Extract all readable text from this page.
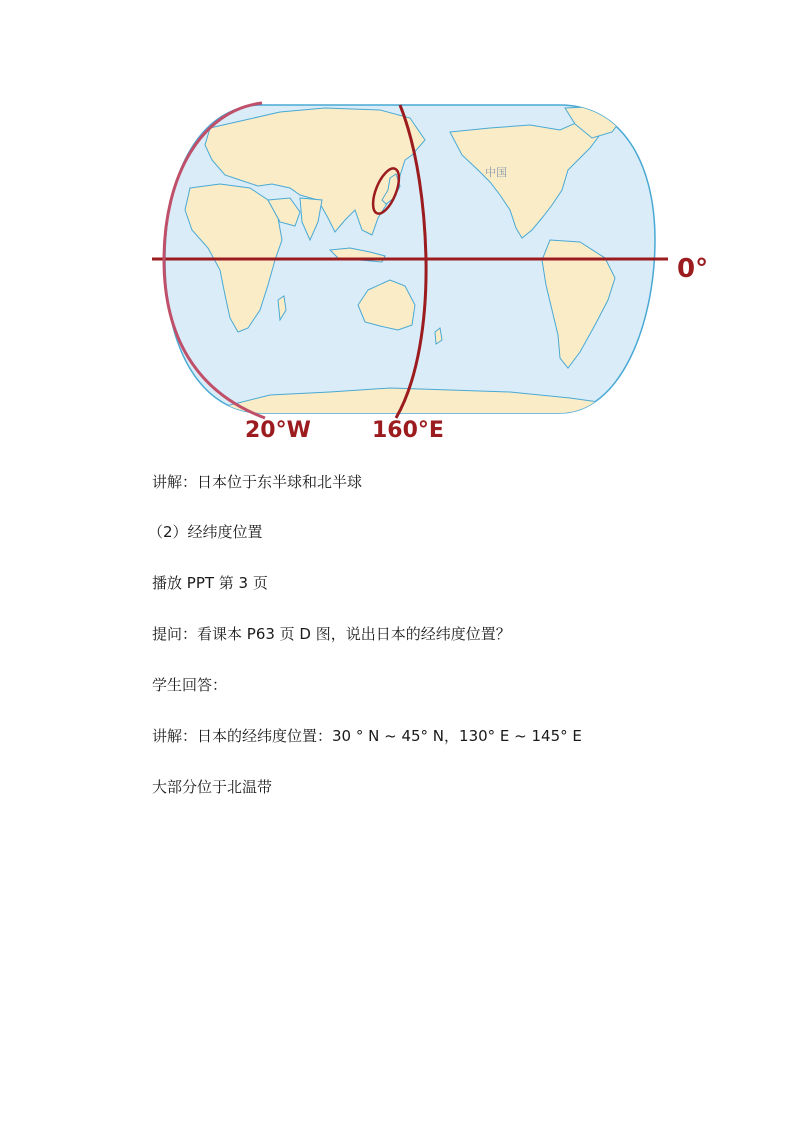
0°
20°W	160°E
中国
讲解：日本位于东半球和北半球
（2）经纬度位置
播放 PPT 第 3 页
提问：看课本 P63 页 D 图，说出日本的经纬度位置？
学生回答：
讲解：日本的经纬度位置：30 ° N ~ 45° N，130° E ~ 145° E
大部分位于北温带
